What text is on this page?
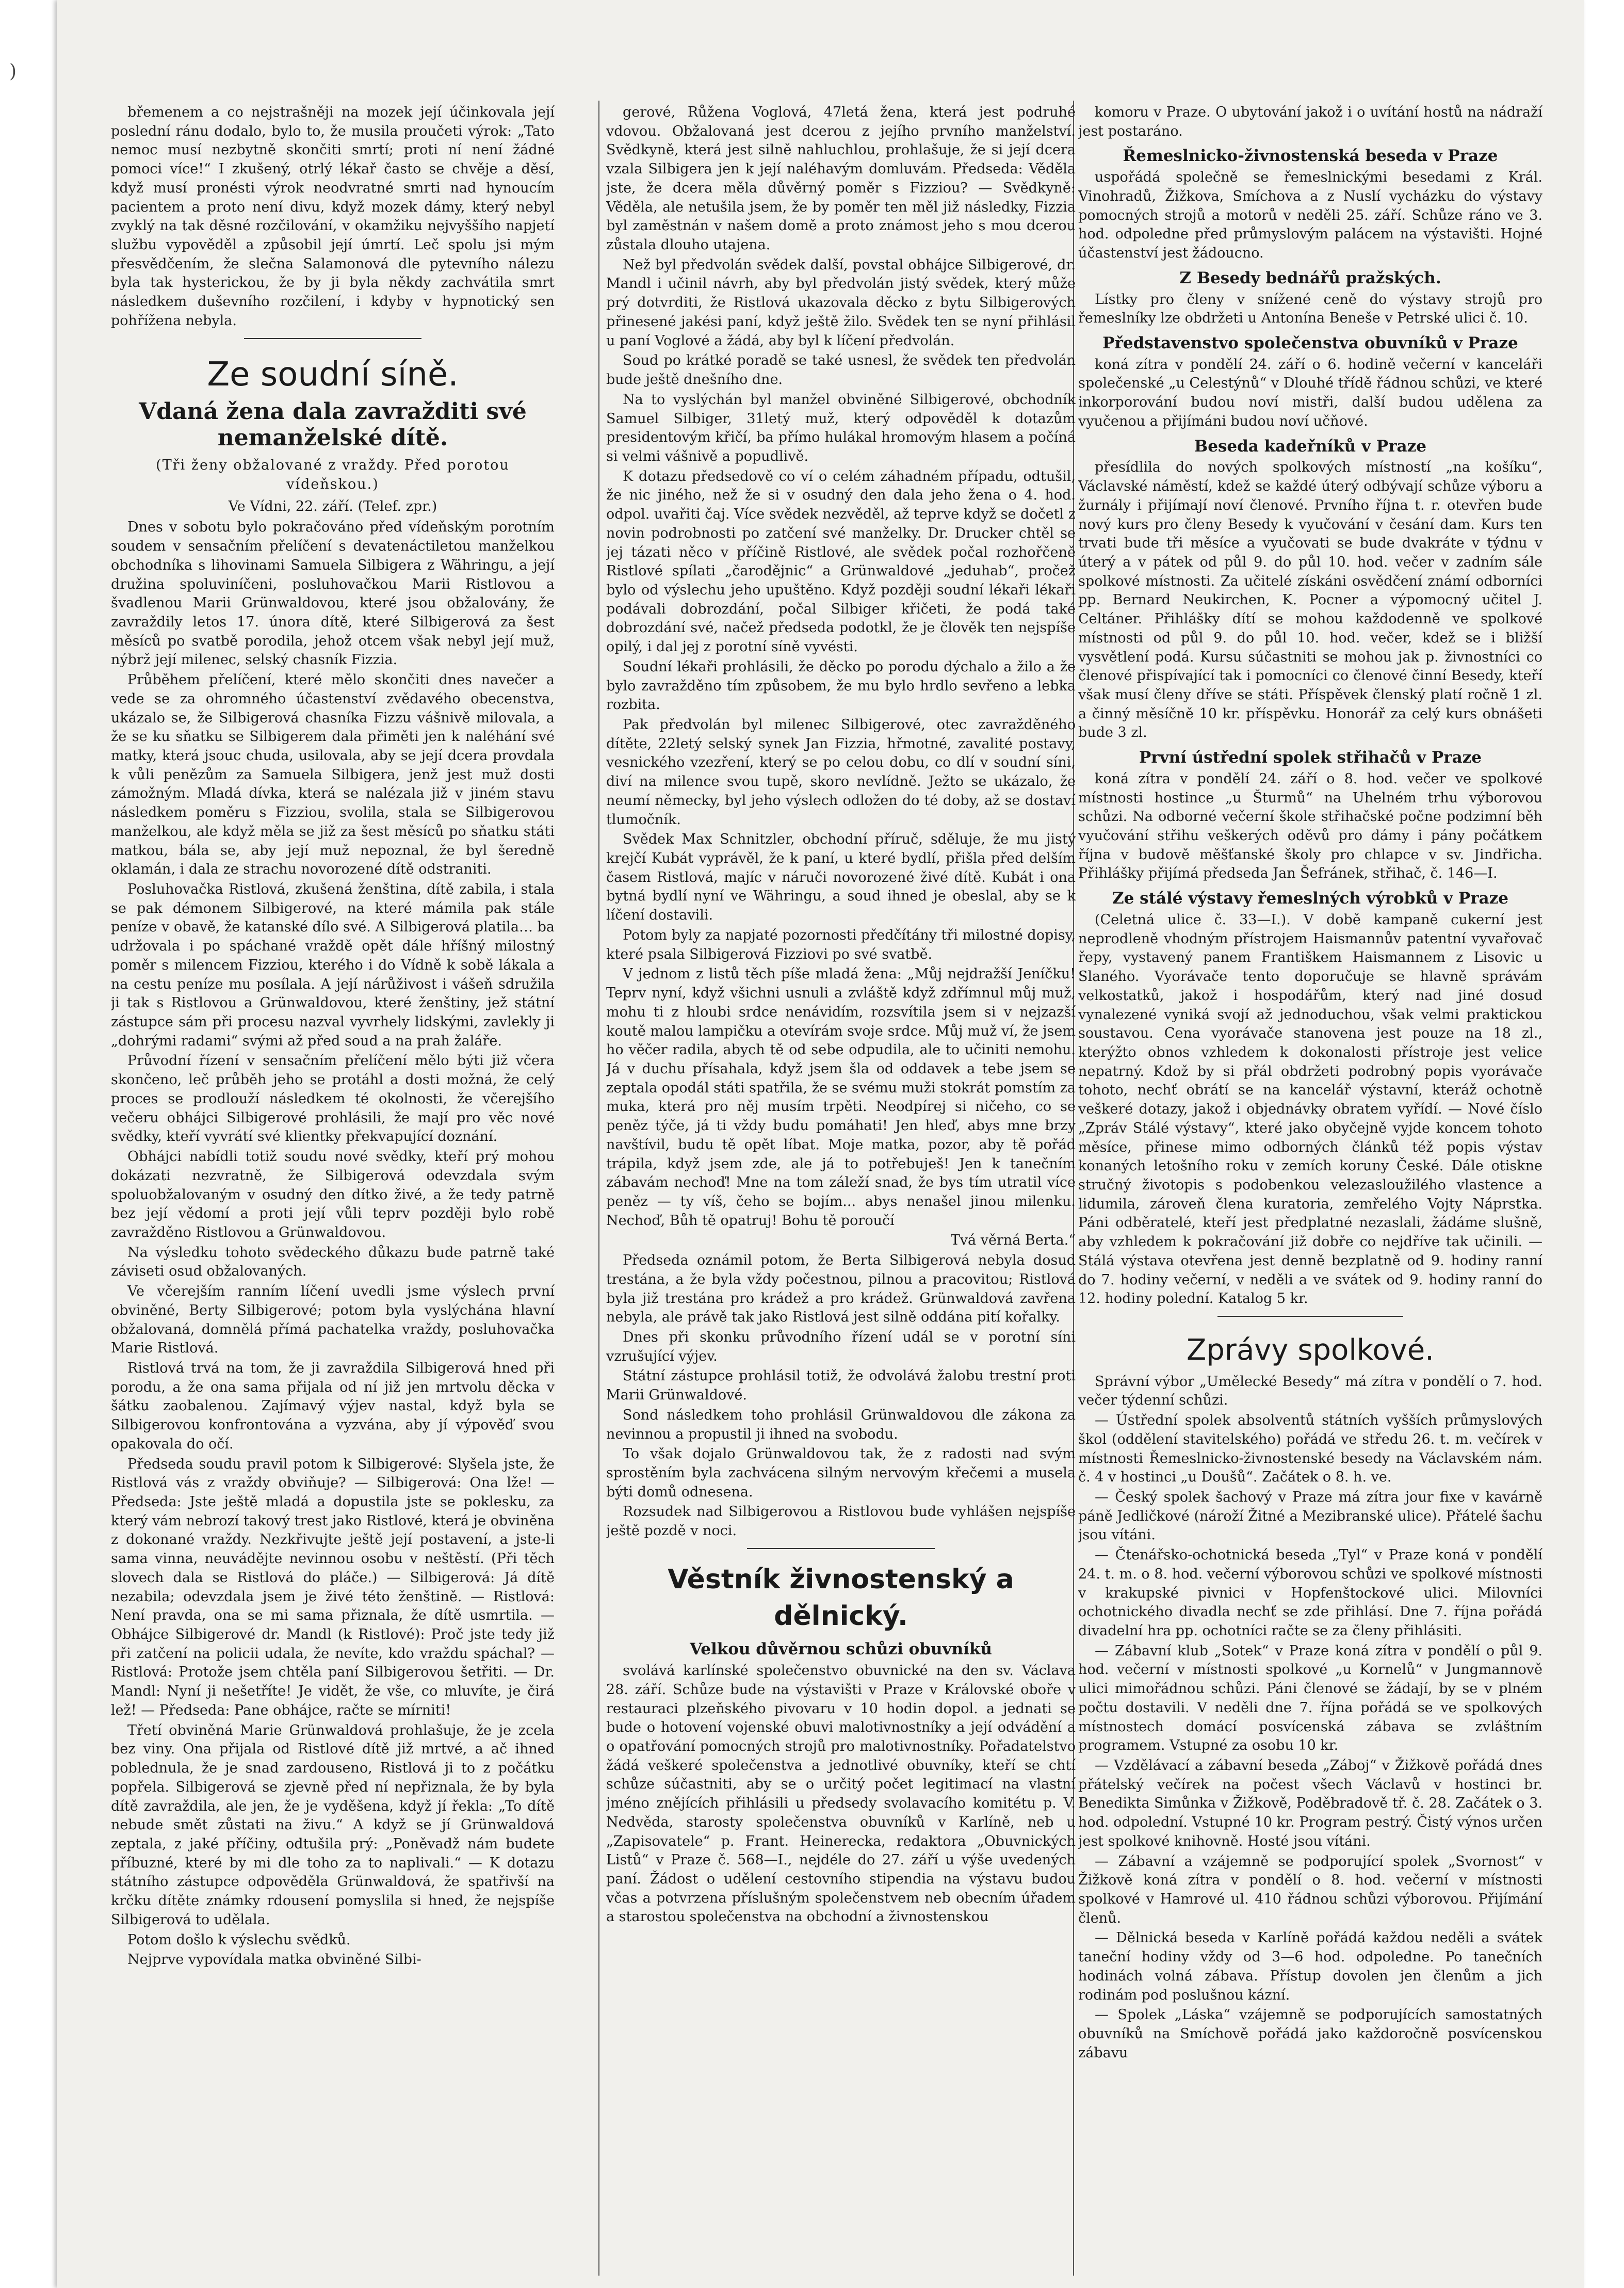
)

břemenem a co nejstrašněji na mozek její účinkovala její poslední ránu dodalo, bylo to, že musila proučeti výrok: „Tato nemoc musí nezbytně skončiti smrtí; proti ní není žádné pomoci více!“ I zkušený, otrlý lékař často se chvěje a děsí, když musí pronésti výrok neodvratné smrti nad hynoucím pacientem a proto není divu, když mozek dámy, který nebyl zvyklý na tak děsné rozčilování, v okamžiku nejvyššího napjetí službu vypověděl a způsobil její úmrtí. Leč spolu jsi mým přesvědčením, že slečna Salamonová dle pytevního nálezu byla tak hysterickou, že by ji byla někdy zachvátila smrt následkem duševního rozčilení, i kdyby v hypnotický sen pohřížena nebyla.

Ze soudní síně.
Vdaná žena dala zavražditi své nemanželské dítě.
(Tři ženy obžalované z vraždy. Před porotou vídeňskou.)
Ve Vídni, 22. září. (Telef. zpr.)

Dnes v sobotu bylo pokračováno před vídeňským porotním soudem v sensačním přelíčení s devatenáctiletou manželkou obchodníka s lihovinami Samuela Silbigera z Währingu, a její družina spoluviníčeni, posluhovačkou Marii Ristlovou a švadlenou Marii Grünwaldovou, které jsou obžalovány, že zavraždily letos 17. února dítě, které Silbigerová za šest měsíců po svatbě porodila, jehož otcem však nebyl její muž, nýbrž její milenec, selský chasník Fizzia.

Průběhem přelíčení, které mělo skončiti dnes navečer a vede se za ohromného účastenství zvědavého obecenstva, ukázalo se, že Silbigerová chasníka Fizzu vášnivě milovala, a že se ku sňatku se Silbigerem dala přiměti jen k naléhání své matky, která jsouc chuda, usilovala, aby se její dcera provdala k vůli penězům za Samuela Silbigera, jenž jest muž dosti zámožným. Mladá dívka, která se nalézala již v jiném stavu následkem poměru s Fizziou, svolila, stala se Silbigerovou manželkou, ale když měla se již za šest měsíců po sňatku státi matkou, bála se, aby její muž nepoznal, že byl šeredně oklamán, i dala ze strachu novorozené dítě odstraniti.

Posluhovačka Ristlová, zkušená ženština, dítě zabila, i stala se pak démonem Silbigerové, na které mámila pak stále peníze v obavě, že katanské dílo své. A Silbigerová platila… ba udržovala i po spáchané vraždě opět dále hříšný milostný poměr s milencem Fizziou, kterého i do Vídně k sobě lákala a na cestu peníze mu posílala. A její nárůživost i vášeň sdružila ji tak s Ristlovou a Grünwaldovou, které ženštiny, jež státní zástupce sám při procesu nazval vyvrhely lidskými, zavlekly ji „dohrými radami“ svými až před soud a na prah žaláře.

Průvodní řízení v sensačním přelíčení mělo býti již včera skončeno, leč průběh jeho se protáhl a dosti možná, že celý proces se prodlouží následkem té okolnosti, že včerejšího večeru obhájci Silbigerové prohlásili, že mají pro věc nové svědky, kteří vyvrátí své klientky překvapující doznání.

Obhájci nabídli totiž soudu nové svědky, kteří prý mohou dokázati nezvratně, že Silbigerová odevzdala svým spoluobžalovaným v osudný den dítko živé, a že tedy patrně bez její vědomí a proti její vůli teprv později bylo robě zavražděno Ristlovou a Grünwaldovou.

Na výsledku tohoto svědeckého důkazu bude patrně také záviseti osud obžalovaných.

Ve včerejším ranním líčení uvedli jsme výslech první obviněné, Berty Silbigerové; potom byla vyslýchána hlavní obžalovaná, domnělá přímá pachatelka vraždy, posluhovačka Marie Ristlová.

Ristlová trvá na tom, že ji zavraždila Silbigerová hned při porodu, a že ona sama přijala od ní již jen mrtvolu děcka v šátku zaobalenou. Zajímavý výjev nastal, když byla se Silbigerovou konfrontována a vyzvána, aby jí výpověď svou opakovala do očí.

Předseda soudu pravil potom k Silbigerové: Slyšela jste, že Ristlová vás z vraždy obviňuje? — Silbigerová: Ona lže! — Předseda: Jste ještě mladá a dopustila jste se poklesku, za který vám nebrozí takový trest jako Ristlové, která je obviněna z dokonané vraždy. Nezkřivujte ještě její postavení, a jste-li sama vinna, neuvádějte nevinnou osobu v neštěstí. (Při těch slovech dala se Ristlová do pláče.) — Silbigerová: Já dítě nezabila; odevzdala jsem je živé této ženštině. — Ristlová: Není pravda, ona se mi sama přiznala, že dítě usmrtila. — Obhájce Silbigerové dr. Mandl (k Ristlové): Proč jste tedy již při zatčení na policii udala, že nevíte, kdo vraždu spáchal? — Ristlová: Protože jsem chtěla paní Silbigerovou šetřiti. — Dr. Mandl: Nyní ji nešetříte! Je vidět, že vše, co mluvíte, je čirá lež! — Předseda: Pane obhájce, račte se mírniti!

Třetí obviněná Marie Grünwaldová prohlašuje, že je zcela bez viny. Ona přijala od Ristlové dítě již mrtvé, a ač ihned poblednula, že je snad zardouseno, Ristlová ji to z počátku popřela. Silbigerová se zjevně před ní nepřiznala, že by byla dítě zavraždila, ale jen, že je vyděšena, když jí řekla: „To dítě nebude smět zůstati na živu.“ A když se jí Grünwaldová zeptala, z jaké příčiny, odtušila prý: „Poněvadž nám budete příbuzné, které by mi dle toho za to naplivali.“ — K dotazu státního zástupce odpověděla Grünwaldová, že spatřivší na krčku dítěte známky rdousení pomyslila si hned, že nejspíše Silbigerová to udělala.

Potom došlo k výslechu svědků.

Nejprve vypovídala matka obviněné Silbi-

gerové, Růžena Voglová, 47letá žena, která jest podruhé vdovou. Obžalovaná jest dcerou z jejího prvního manželství. Svědkyně, která jest silně nahluchlou, prohlašuje, že si její dcera vzala Silbigera jen k její naléhavým domluvám. Předseda: Věděla jste, že dcera měla důvěrný poměr s Fizziou? — Svědkyně: Věděla, ale netušila jsem, že by poměr ten měl již následky, Fizzia byl zaměstnán v našem domě a proto známost jeho s mou dcerou zůstala dlouho utajena.

Než byl předvolán svědek další, povstal obhájce Silbigerové, dr. Mandl i učinil návrh, aby byl předvolán jistý svědek, který může prý dotvrditi, že Ristlová ukazovala děcko z bytu Silbigerových přinesené jakési paní, když ještě žilo. Svědek ten se nyní přihlásil u paní Voglové a žádá, aby byl k líčení předvolán.

Soud po krátké poradě se také usnesl, že svědek ten předvolán bude ještě dnešního dne.

Na to vyslýchán byl manžel obviněné Silbigerové, obchodník Samuel Silbiger, 31letý muž, který odpověděl k dotazům presidentovým křičí, ba přímo hulákal hromovým hlasem a počíná si velmi vášnivě a popudlivě.

K dotazu předsedově co ví o celém záhadném případu, odtušil, že nic jiného, než že si v osudný den dala jeho žena o 4. hod. odpol. uvařiti čaj. Více svědek nezvěděl, až teprve když se dočetl z novin podrobnosti po zatčení své manželky. Dr. Drucker chtěl se jej tázati něco v příčině Ristlové, ale svědek počal rozhořčeně Ristlové spílati „čarodějnic“ a Grünwaldové „jeduhab“, pročež bylo od výslechu jeho upuštěno. Když později soudní lékaři lékaři podávali dobrozdání, počal Silbiger křičeti, že podá také dobrozdání své, načež předseda podotkl, že je člověk ten nejspíše opilý, i dal jej z porotní síně vyvésti.

Soudní lékaři prohlásili, že děcko po porodu dýchalo a žilo a že bylo zavražděno tím způsobem, že mu bylo hrdlo sevřeno a lebka rozbita.

Pak předvolán byl milenec Silbigerové, otec zavražděného dítěte, 22letý selský synek Jan Fizzia, hřmotné, zavalité postavy, vesnického vzezření, který se po celou dobu, co dlí v soudní síni, diví na milence svou tupě, skoro nevlídně. Ježto se ukázalo, že neumí německy, byl jeho výslech odložen do té doby, až se dostaví tlumočník.

Svědek Max Schnitzler, obchodní příruč, sděluje, že mu jistý krejčí Kubát vyprávěl, že k paní, u které bydlí, přišla před delším časem Ristlová, majíc v náruči novorozené živé dítě. Kubát i ona bytná bydlí nyní ve Währingu, a soud ihned je obeslal, aby se k líčení dostavili.

Potom byly za napjaté pozornosti předčítány tři milostné dopisy, které psala Silbigerová Fizziovi po své svatbě.

V jednom z listů těch píše mladá žena: „Můj nejdražší Jeníčku! Teprv nyní, když všichni usnuli a zvláště když zdřímnul můj muž, mohu ti z hloubi srdce nenávidím, rozsvítila jsem si v nejzazší koutě malou lampičku a otevírám svoje srdce. Můj muž ví, že jsem ho věčer radila, abych tě od sebe odpudila, ale to učiniti nemohu. Já v duchu přísahala, když jsem šla od oddavek a tebe jsem se zeptala opodál státi spatřila, že se svému muži stokrát pomstím za muka, která pro něj musím trpěti. Neodpírej si ničeho, co se peněz týče, já ti vždy budu pomáhati! Jen hleď, abys mne brzy navštívil, budu tě opět líbat. Moje matka, pozor, aby tě pořád trápila, když jsem zde, ale já to potřebuješ! Jen k tanečním zábavám nechoď! Mne na tom záleží snad, že bys tím utratil více peněz — ty víš, čeho se bojím... abys nenašel jinou milenku. Nechoď, Bůh tě opatruj! Bohu tě poroučí

Tvá věrná Berta.“

Předseda oznámil potom, že Berta Silbigerová nebyla dosud trestána, a že byla vždy počestnou, pilnou a pracovitou; Ristlová byla již trestána pro krádež a pro krádež. Grünwaldová zavřena nebyla, ale právě tak jako Ristlová jest silně oddána pití kořalky.

Dnes při skonku průvodního řízení udál se v porotní síni vzrušující výjev.

Státní zástupce prohlásil totiž, že odvolává žalobu trestní proti Marii Grünwaldové.

Sond následkem toho prohlásil Grünwaldovou dle zákona za nevinnou a propustil ji ihned na svobodu.

To však dojalo Grünwaldovou tak, že z radosti nad svým sprostěním byla zachvácena silným nervovým křečemi a musela býti domů odnesena.

Rozsudek nad Silbigerovou a Ristlovou bude vyhlášen nejspíše ještě pozdě v noci.

Věstník živnostenský a dělnický.
Velkou důvěrnou schůzi obuvníků

svolává karlínské společenstvo obuvnické na den sv. Václava 28. září. Schůze bude na výstavišti v Praze v Královské oboře v restauraci plzeňského pivovaru v 10 hodin dopol. a jednati se bude o hotovení vojenské obuvi malotivnostníky a její odvádění a o opatřování pomocných strojů pro malotivnostníky. Pořadatelstvo žádá veškeré společenstva a jednotlivé obuvníky, kteří se chtí schůze súčastniti, aby se o určitý počet legitimací na vlastní jméno znějících přihlásili u předsedy svolavacího komitétu p. V. Nedvěda, starosty společenstva obuvníků v Karlíně, neb u „Zapisovatele“ p. Frant. Heinerecka, redaktora „Obuvnických Listů“ v Praze č. 568—I., nejdéle do 27. září u výše uvedených paní. Žádost o udělení cestovního stipendia na výstavu budou včas a potvrzena příslušným společenstvem neb obecním úřadem a starostou společenstva na obchodní a živnostenskou

komoru v Praze. O ubytování jakož i o uvítání hostů na nádraží jest postaráno.

Řemeslnicko-živnostenská beseda v Praze

uspořádá společně se řemeslnickými besedami z Král. Vinohradů, Žižkova, Smíchova a z Nuslí vycházku do výstavy pomocných strojů a motorů v neděli 25. září. Schůze ráno ve 3. hod. odpoledne před průmyslovým palácem na výstavišti. Hojné účastenství jest žádoucno.

Z Besedy bednářů pražských.

Lístky pro členy v snížené ceně do výstavy strojů pro řemeslníky lze obdržeti u Antonína Beneše v Petrské ulici č. 10.

Představenstvo společenstva obuvníků v Praze

koná zítra v pondělí 24. září o 6. hodině večerní v kanceláři společenské „u Celestýnů“ v Dlouhé třídě řádnou schůzi, ve které inkorporování budou noví mistři, další budou udělena za vyučenou a přijímáni budou noví učňové.

Beseda kadeřníků v Praze

přesídlila do nových spolkových místností „na košíku“, Václavské náměstí, kdež se každé úterý odbývají schůze výboru a žurnály i přijímají noví členové. Prvního října t. r. otevřen bude nový kurs pro členy Besedy k vyučování v česání dam. Kurs ten trvati bude tři měsíce a vyučovati se bude dvakráte v týdnu v úterý a v pátek od půl 9. do půl 10. hod. večer v zadním sále spolkové místnosti. Za učitelé získáni osvědčení známí odborníci pp. Bernard Neukirchen, K. Pocner a výpomocný učitel J. Celtáner. Přihlášky dítí se mohou každodenně ve spolkové místnosti od půl 9. do půl 10. hod. večer, kdež se i bližší vysvětlení podá. Kursu súčastniti se mohou jak p. živnostníci co členové přispívající tak i pomocníci co členové činní Besedy, kteří však musí členy dříve se státi. Příspěvek členský platí ročně 1 zl. a činný měsíčně 10 kr. příspěvku. Honorář za celý kurs obnášeti bude 3 zl.

První ústřední spolek střihačů v Praze

koná zítra v pondělí 24. září o 8. hod. večer ve spolkové místnosti hostince „u Šturmů“ na Uhelném trhu výborovou schůzi. Na odborné večerní škole střihačské počne podzimní běh vyučování střihu veškerých oděvů pro dámy i pány počátkem října v budově měšťanské školy pro chlapce v sv. Jindřicha. Přihlášky přijímá předseda Jan Šefránek, střihač, č. 146—I.

Ze stálé výstavy řemeslných výrobků v Praze

(Celetná ulice č. 33—I.). V době kampaně cukerní jest neprodleně vhodným přístrojem Haismannův patentní vyvařovač řepy, vystavený panem Františkem Haismannem z Lisovic u Slaného. Vyorávače tento doporučuje se hlavně správám velkostatků, jakož i hospodářům, který nad jiné dosud vynalezené vyniká svojí až jednoduchou, však velmi praktickou soustavou. Cena vyorávače stanovena jest pouze na 18 zl., kterýžto obnos vzhledem k dokonalosti přístroje jest velice nepatrný. Kdož by si přál obdržeti podrobný popis vyorávače tohoto, nechť obrátí se na kancelář výstavní, kteráž ochotně veškeré dotazy, jakož i objednávky obratem vyřídí. — Nové číslo „Zpráv Stálé výstavy“, které jako obyčejně vyjde koncem tohoto měsíce, přinese mimo odborných článků též popis výstav konaných letošního roku v zemích koruny České. Dále otiskne stručný životopis s podobenkou velezasloužilého vlastence a lidumila, zároveň člena kuratoria, zemřelého Vojty Náprstka. Páni odběratelé, kteří jest předplatné nezaslali, žádáme slušně, aby vzhledem k pokračování již dobře co nejdříve tak učinili. — Stálá výstava otevřena jest denně bezplatně od 9. hodiny ranní do 7. hodiny večerní, v neděli a ve svátek od 9. hodiny ranní do 12. hodiny polední. Katalog 5 kr.

Zprávy spolkové.

Správní výbor „Umělecké Besedy“ má zítra v pondělí o 7. hod. večer týdenní schůzi.

— Ústřední spolek absolventů státních vyšších průmyslových škol (oddělení stavitelského) pořádá ve středu 26. t. m. večírek v místnosti Řemeslnicko-živnostenské besedy na Václavském nám. č. 4 v hostinci „u Doušů“. Začátek o 8. h. ve.

— Český spolek šachový v Praze má zítra jour fixe v kavárně páně Jedličkové (nároží Žitné a Mezibranské ulice). Přátelé šachu jsou vítáni.

— Čtenářsko-ochotnická beseda „Tyl“ v Praze koná v pondělí 24. t. m. o 8. hod. večerní výborovou schůzi ve spolkové místnosti v krakupské pivnici v Hopfenštockové ulici. Milovníci ochotnického divadla nechť se zde přihlásí. Dne 7. října pořádá divadelní hra pp. ochotníci račte se za členy přihlásiti.

— Zábavní klub „Sotek“ v Praze koná zítra v pondělí o půl 9. hod. večerní v místnosti spolkové „u Kornelů“ v Jungmannově ulici mimořádnou schůzi. Páni členové se žádají, by se v plném počtu dostavili. V neděli dne 7. října pořádá se ve spolkových místnostech domácí posvícenská zábava se zvláštním programem. Vstupné za osobu 10 kr.

— Vzdělávací a zábavní beseda „Záboj“ v Žižkově pořádá dnes přátelský večírek na počest všech Václavů v hostinci br. Benedikta Simůnka v Žižkově, Poděbradově tř. č. 28. Začátek o 3. hod. odpolední. Vstupné 10 kr. Program pestrý. Čistý výnos určen jest spolkové knihovně. Hosté jsou vítáni.

— Zábavní a vzájemně se podporující spolek „Svornost“ v Žižkově koná zítra v pondělí o 8. hod. večerní v místnosti spolkové v Hamrové ul. 410 řádnou schůzi výborovou. Přijímání členů.

— Dělnická beseda v Karlíně pořádá každou neděli a svátek taneční hodiny vždy od 3—6 hod. odpoledne. Po tanečních hodinách volná zábava. Přístup dovolen jen členům a jich rodinám pod poslušnou kázní.

— Spolek „Láska“ vzájemně se podporujících samostatných obuvníků na Smíchově pořádá jako každoročně posvícenskou zábavu
